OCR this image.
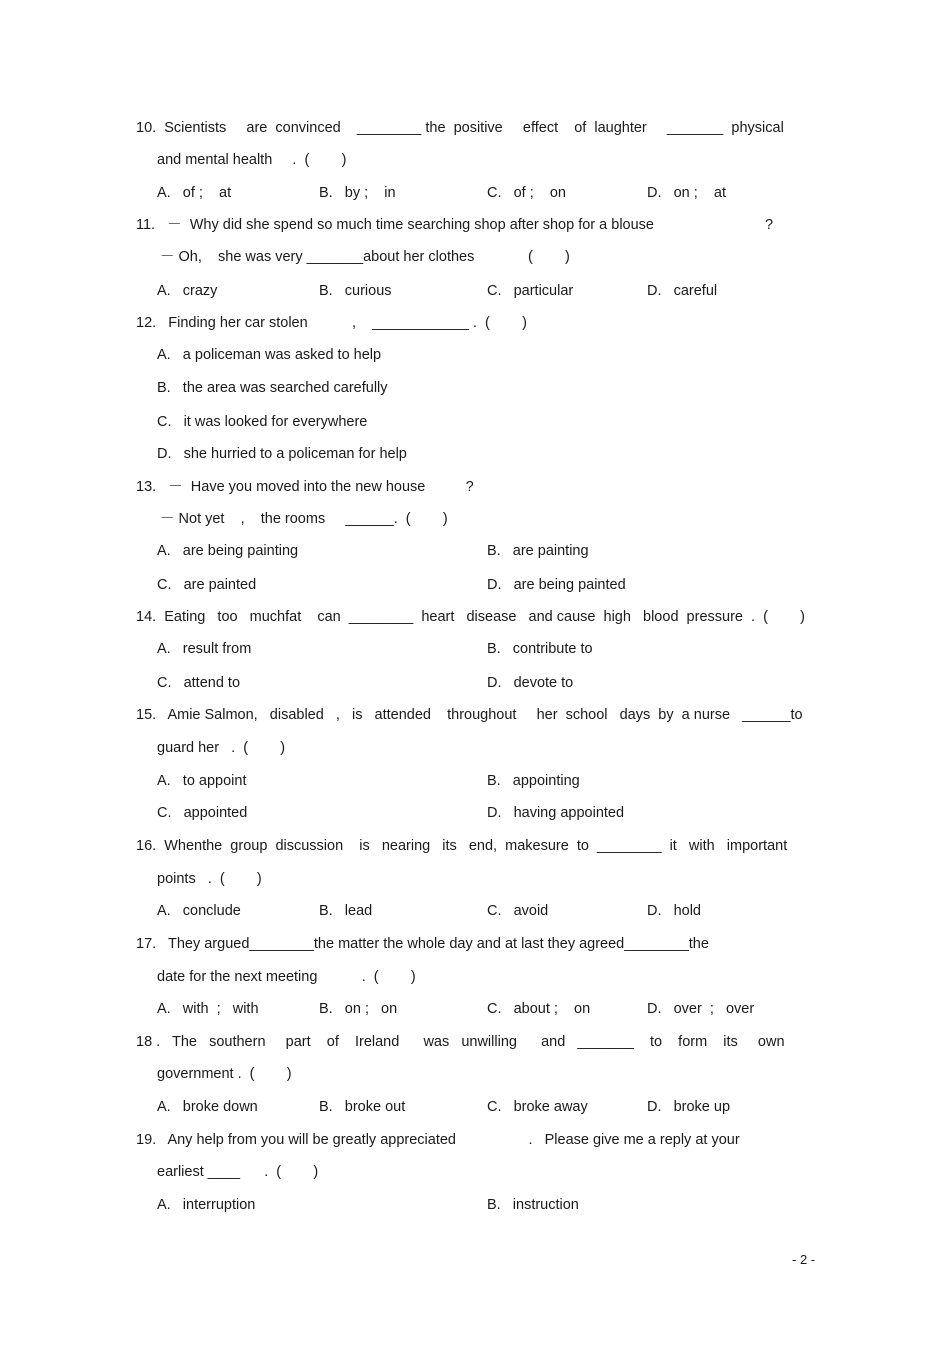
10.  Scientists     are  convinced    ________ the  positive     effect    of  laughter     _______  physical
and mental health     .  (        )
A.   of ;    at	B.   by ;    in	C.   of ;    on	D.   on ;    at
11.   －  Why did she spend so much time searching shop after shop for a blouse	?
－ Oh,    she was very _______about her clothes	(        )
A.   crazy	B.   curious	C.   particular	D.   careful
12.   Finding her car stolen           ,    ____________ .  (        )
A.   a policeman was asked to help
B.   the area was searched carefully
C.   it was looked for everywhere
D.   she hurried to a policeman for help
13.   －  Have you moved into the new house          ?
－ Not yet    ,    the rooms     ______.  (        )
A.   are being painting	B.   are painting
C.   are painted	D.   are being painted
14.  Eating   too   muchfat    can  ________  heart   disease   and cause  high   blood  pressure  .  (        )
A.   result from	B.   contribute to
C.   attend to	D.   devote to
15.   Amie Salmon,   disabled   ,   is   attended    throughout     her  school   days  by  a nurse   ______to
guard her   .  (        )
A.   to appoint	B.   appointing
C.   appointed	D.   having appointed
16.  Whenthe  group  discussion    is   nearing   its   end,  makesure  to  ________  it   with   important
points   .  (        )
A.   conclude	B.   lead	C.   avoid	D.   hold
17.   They argued________the matter the whole day and at last they agreed________the
date for the next meeting           .  (        )
A.   with  ;   with	B.   on ;   on	C.   about ;    on	D.   over  ;   over
18 .   The   southern     part    of    Ireland      was   unwilling      and   _______    to    form    its     own
government .  (        )
A.   broke down	B.   broke out	C.   broke away	D.   broke up
19.   Any help from you will be greatly appreciated                  .   Please give me a reply at your
earliest ____      .  (        )
A.   interruption	B.   instruction
- 2 -
